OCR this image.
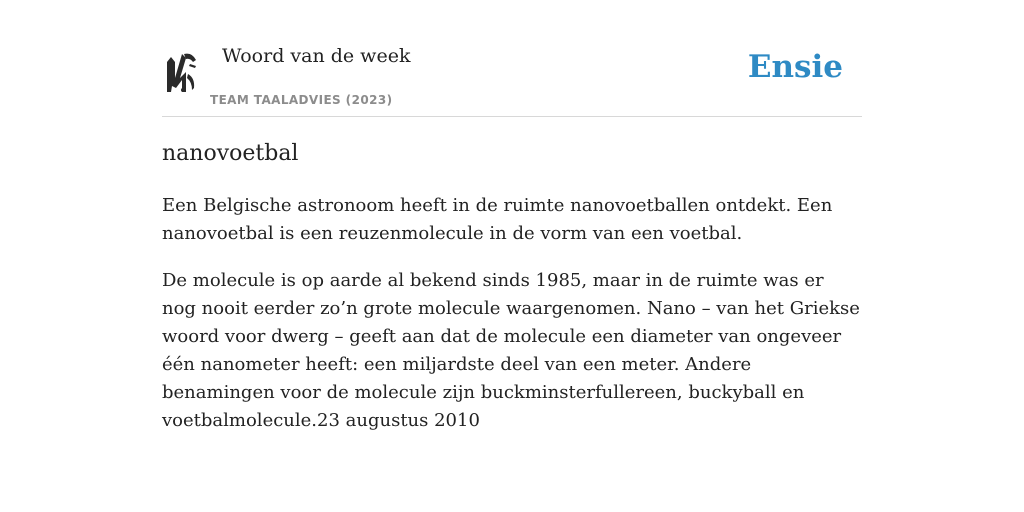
Woord van de week
TEAM TAALADVIES (2023)
Ensie
nanovoetbal

Een Belgische astronoom heeft in de ruimte nanovoetballen ontdekt. Een nanovoetbal is een reuzenmolecule in de vorm van een voetbal.

De molecule is op aarde al bekend sinds 1985, maar in de ruimte was er nog nooit eerder zo’n grote molecule waargenomen. Nano – van het Griekse woord voor dwerg – geeft aan dat de molecule een diameter van ongeveer één nanometer heeft: een miljardste deel van een meter. Andere benamingen voor de molecule zijn buckminsterfullereen, buckyball en voetbalmolecule.23 augustus 2010
